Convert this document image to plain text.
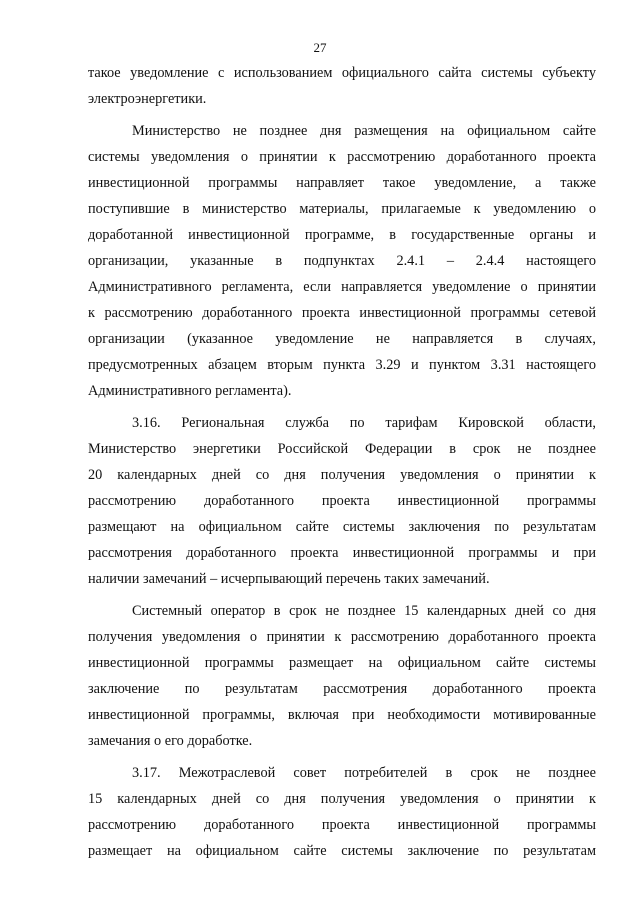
27
такое уведомление с использованием официального сайта системы субъекту
электроэнергетики.
Министерство не позднее дня размещения на официальном сайте
системы уведомления о принятии к рассмотрению доработанного проекта
инвестиционной программы направляет такое уведомление, а также
поступившие в министерство материалы, прилагаемые к уведомлению о
доработанной инвестиционной программе, в государственные органы и
организации, указанные в подпунктах 2.4.1 – 2.4.4 настоящего
Административного регламента, если направляется уведомление о принятии
к рассмотрению доработанного проекта инвестиционной программы сетевой
организации (указанное уведомление не направляется в случаях,
предусмотренных абзацем вторым пункта 3.29 и пунктом 3.31 настоящего
Административного регламента).
3.16. Региональная служба по тарифам Кировской области,
Министерство энергетики Российской Федерации в срок не позднее
20 календарных дней со дня получения уведомления о принятии к
рассмотрению доработанного проекта инвестиционной программы
размещают на официальном сайте системы заключения по результатам
рассмотрения доработанного проекта инвестиционной программы и при
наличии замечаний – исчерпывающий перечень таких замечаний.
Системный оператор в срок не позднее 15 календарных дней со дня
получения уведомления о принятии к рассмотрению доработанного проекта
инвестиционной программы размещает на официальном сайте системы
заключение по результатам рассмотрения доработанного проекта
инвестиционной программы, включая при необходимости мотивированные
замечания о его доработке.
3.17. Межотраслевой совет потребителей в срок не позднее
15 календарных дней со дня получения уведомления о принятии к
рассмотрению доработанного проекта инвестиционной программы
размещает на официальном сайте системы заключение по результатам
